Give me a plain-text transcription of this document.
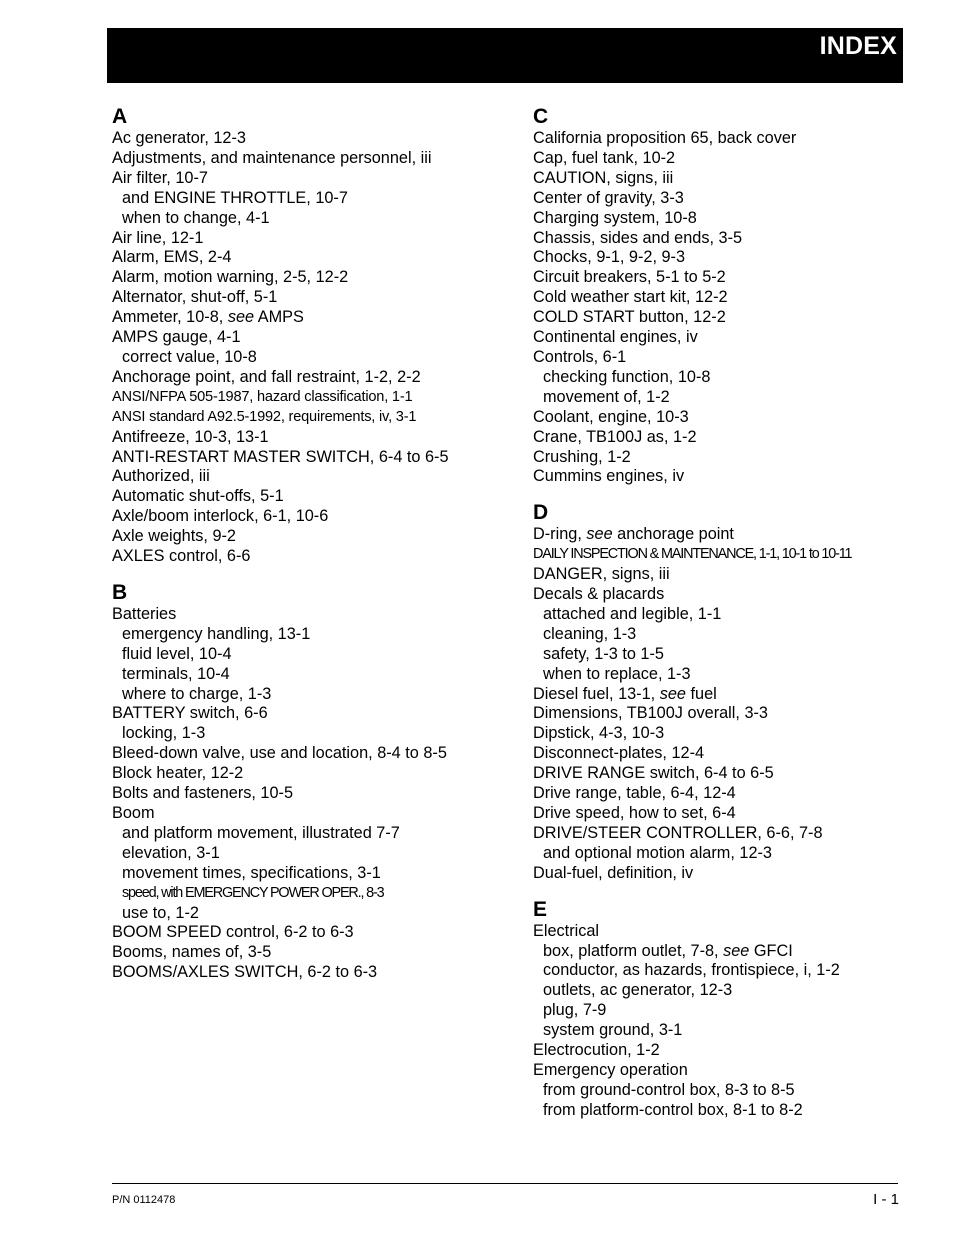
INDEX
A
Ac generator, 12-3
Adjustments, and maintenance personnel, iii
Air filter, 10-7
and ENGINE THROTTLE, 10-7
when to change, 4-1
Air line, 12-1
Alarm, EMS, 2-4
Alarm, motion warning, 2-5, 12-2
Alternator, shut-off, 5-1
Ammeter, 10-8, see AMPS
AMPS gauge, 4-1
correct value, 10-8
Anchorage point, and fall restraint, 1-2, 2-2
ANSI/NFPA 505-1987, hazard classification, 1-1
ANSI standard A92.5-1992, requirements, iv, 3-1
Antifreeze, 10-3, 13-1
ANTI-RESTART MASTER SWITCH, 6-4 to 6-5
Authorized, iii
Automatic shut-offs, 5-1
Axle/boom interlock, 6-1, 10-6
Axle weights, 9-2
AXLES control, 6-6
B
Batteries
emergency handling, 13-1
fluid level, 10-4
terminals, 10-4
where to charge, 1-3
BATTERY switch, 6-6
locking, 1-3
Bleed-down valve, use and location, 8-4 to 8-5
Block heater, 12-2
Bolts and fasteners, 10-5
Boom
and platform movement, illustrated 7-7
elevation, 3-1
movement times, specifications, 3-1
speed, with EMERGENCY POWER OPER., 8-3
use to, 1-2
BOOM SPEED control, 6-2 to 6-3
Booms, names of, 3-5
BOOMS/AXLES SWITCH, 6-2 to 6-3
C
California proposition 65, back cover
Cap, fuel tank, 10-2
CAUTION, signs, iii
Center of gravity, 3-3
Charging system, 10-8
Chassis, sides and ends, 3-5
Chocks, 9-1, 9-2, 9-3
Circuit breakers, 5-1 to 5-2
Cold weather start kit, 12-2
COLD START button, 12-2
Continental engines, iv
Controls, 6-1
checking function, 10-8
movement of, 1-2
Coolant, engine, 10-3
Crane, TB100J as, 1-2
Crushing, 1-2
Cummins engines, iv
D
D-ring, see anchorage point
DAILY INSPECTION & MAINTENANCE, 1-1, 10-1 to 10-11
DANGER, signs, iii
Decals & placards
attached and legible, 1-1
cleaning, 1-3
safety, 1-3 to 1-5
when to replace, 1-3
Diesel fuel, 13-1, see fuel
Dimensions, TB100J overall, 3-3
Dipstick, 4-3, 10-3
Disconnect-plates, 12-4
DRIVE RANGE switch, 6-4 to 6-5
Drive range, table, 6-4, 12-4
Drive speed, how to set, 6-4
DRIVE/STEER CONTROLLER, 6-6, 7-8
and optional motion alarm, 12-3
Dual-fuel, definition, iv
E
Electrical
box, platform outlet, 7-8, see GFCI
conductor, as hazards, frontispiece, i, 1-2
outlets, ac generator, 12-3
plug, 7-9
system ground, 3-1
Electrocution, 1-2
Emergency operation
from ground-control box, 8-3 to 8-5
from platform-control box, 8-1 to 8-2
P/N 0112478	I - 1
